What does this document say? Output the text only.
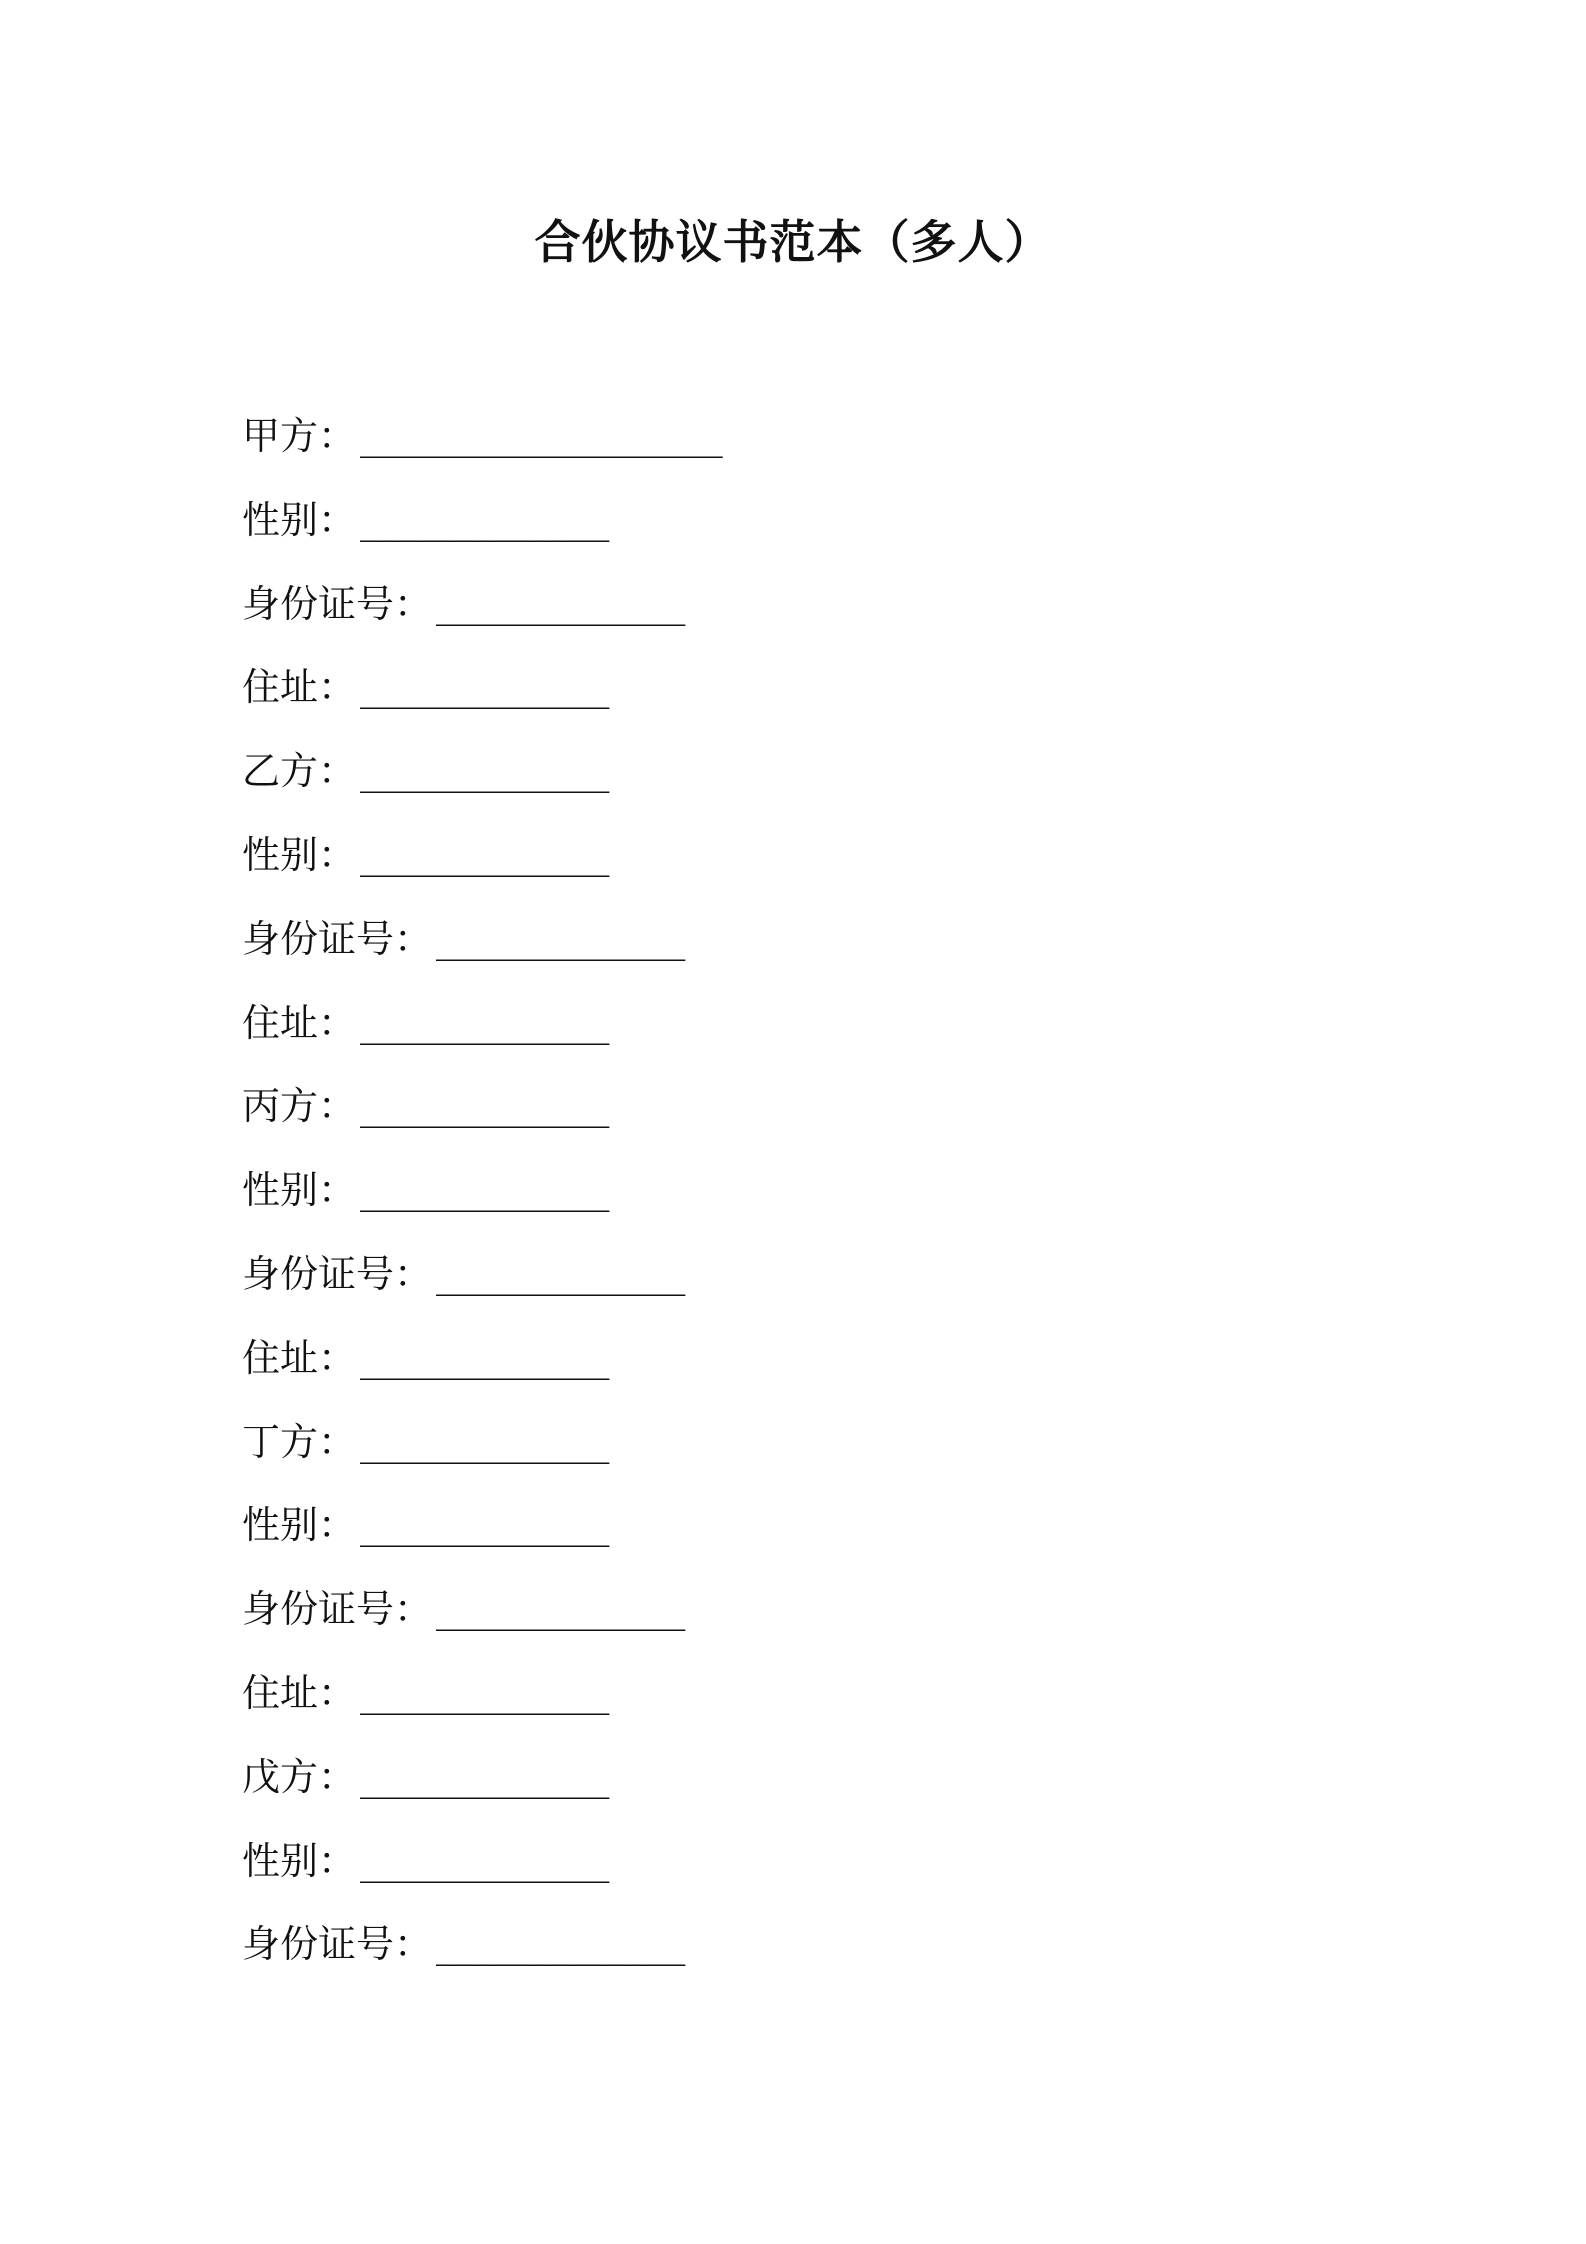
合伙协议书范本（多人）
甲方： ___________________
性别： _____________
身份证号： _____________
住址： _____________
乙方： _____________
性别： _____________
身份证号： _____________
住址： _____________
丙方： _____________
性别： _____________
身份证号： _____________
住址： _____________
丁方： _____________
性别： _____________
身份证号： _____________
住址： _____________
戊方： _____________
性别： _____________
身份证号： _____________
